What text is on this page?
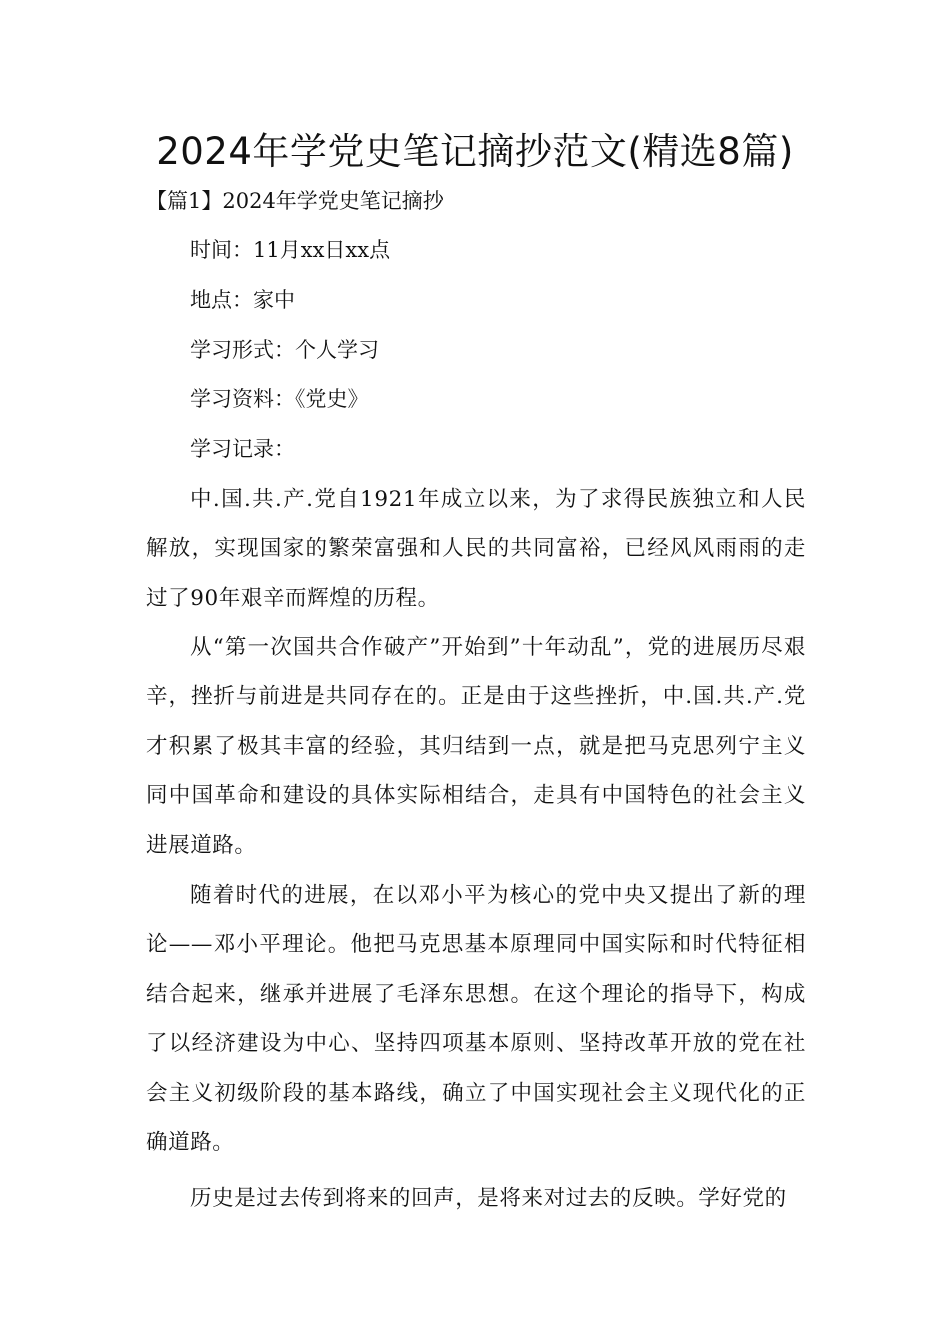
2024年学党史笔记摘抄范文(精选8篇)

【篇1】2024年学党史笔记摘抄

时间：11月xx日xx点

地点：家中

学习形式：个人学习

学习资料：《党史》

学习记录：

中.国.共.产.党自1921年成立以来，为了求得民族独立和人民解放，实现国家的繁荣富强和人民的共同富裕，已经风风雨雨的走过了90年艰辛而辉煌的历程。

从“第一次国共合作破产”开始到”十年动乱”，党的进展历尽艰辛，挫折与前进是共同存在的。正是由于这些挫折，中.国.共.产.党才积累了极其丰富的经验，其归结到一点，就是把马克思列宁主义同中国革命和建设的具体实际相结合，走具有中国特色的社会主义进展道路。

随着时代的进展，在以邓小平为核心的党中央又提出了新的理论——邓小平理论。他把马克思基本原理同中国实际和时代特征相结合起来，继承并进展了毛泽东思想。在这个理论的指导下，构成了以经济建设为中心、坚持四项基本原则、坚持改革开放的党在社会主义初级阶段的基本路线，确立了中国实现社会主义现代化的正确道路。

历史是过去传到将来的回声，是将来对过去的反映。学好党的
